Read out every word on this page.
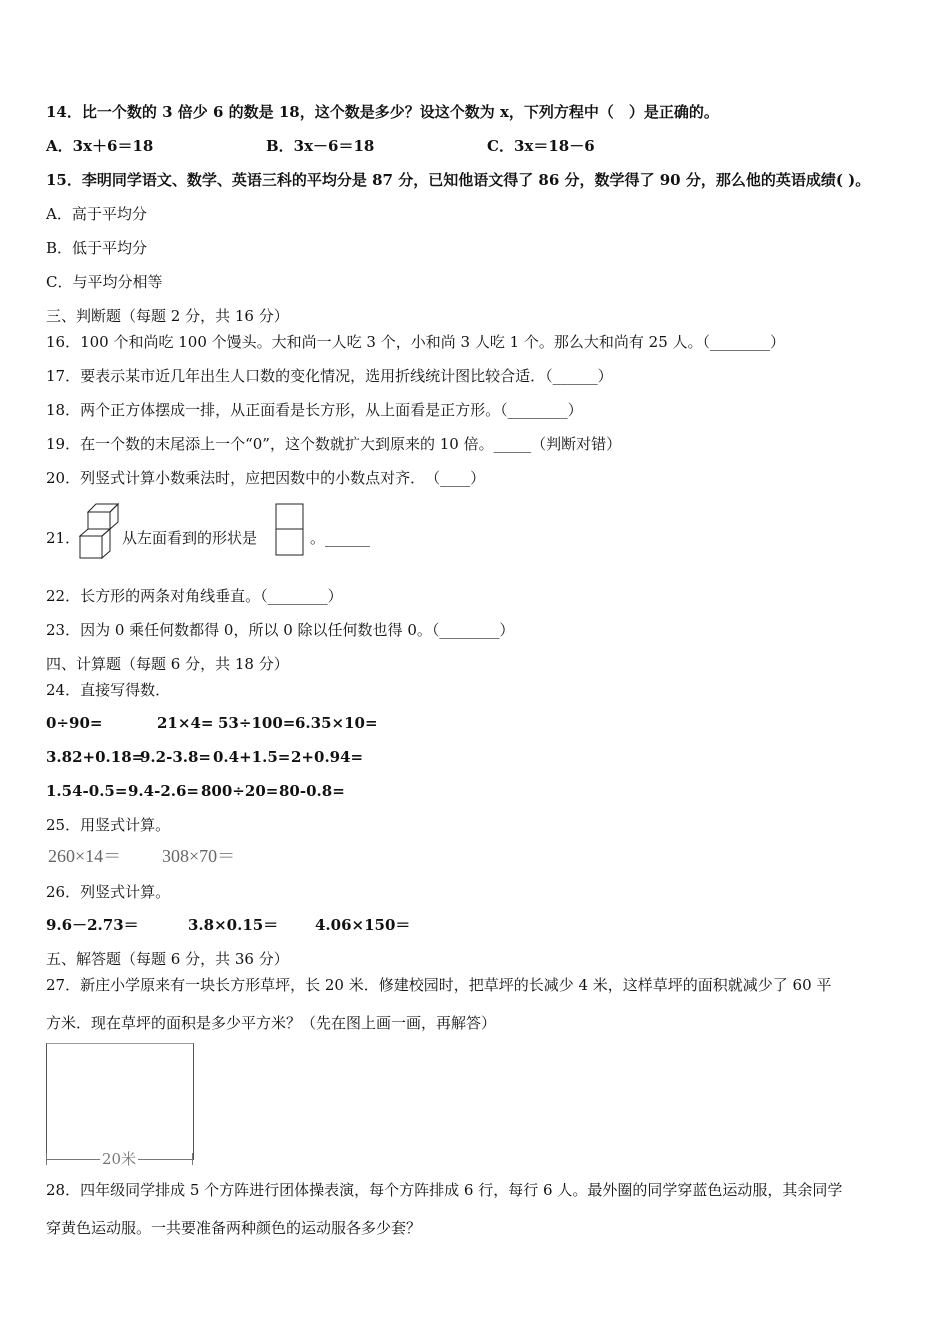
14．比一个数的 3 倍少 6 的数是 18，这个数是多少？设这个数为 x，下列方程中（　）是正确的。
A．3x＋6＝18	B．3x－6＝18	C．3x＝18－6
15．李明同学语文、数学、英语三科的平均分是 87 分，已知他语文得了 86 分，数学得了 90 分，那么他的英语成绩( )。
A．高于平均分
B．低于平均分
C．与平均分相等
三、判断题（每题 2 分，共 16 分）
16．100 个和尚吃 100 个馒头。大和尚一人吃 3 个，小和尚 3 人吃 1 个。那么大和尚有 25 人。（________）
17．要表示某市近几年出生人口数的变化情况，选用折线统计图比较合适．（______）
18．两个正方体摆成一排，从正面看是长方形，从上面看是正方形。（________）
19．在一个数的末尾添上一个“0”，这个数就扩大到原来的 10 倍。_____（判断对错）
20．列竖式计算小数乘法时，应把因数中的小数点对齐．　（____）
21．	从左面看到的形状是	。______
22．长方形的两条对角线垂直。（________）
23．因为 0 乘任何数都得 0，所以 0 除以任何数也得 0。（________）
四、计算题（每题 6 分，共 18 分）
24．直接写得数．
0÷90=	21×4= 53÷100=6.35×10=
3.82+0.18=9.2-3.8= 0.4+1.5=2+0.94=
1.54-0.5=9.4-2.6= 800÷20=80-0.8=
25．用竖式计算。
260×14＝ 308×70＝
26．列竖式计算。
9.6－2.73＝	3.8×0.15＝ 4.06×150＝
五、解答题（每题 6 分，共 36 分）
27．新庄小学原来有一块长方形草坪，长 20 米．修建校园时，把草坪的长减少 4 米，这样草坪的面积就减少了 60 平
方米．现在草坪的面积是多少平方米？（先在图上画一画，再解答）
20米
28．四年级同学排成 5 个方阵进行团体操表演，每个方阵排成 6 行，每行 6 人。最外圈的同学穿蓝色运动服，其余同学
穿黄色运动服。一共要准备两种颜色的运动服各多少套？
